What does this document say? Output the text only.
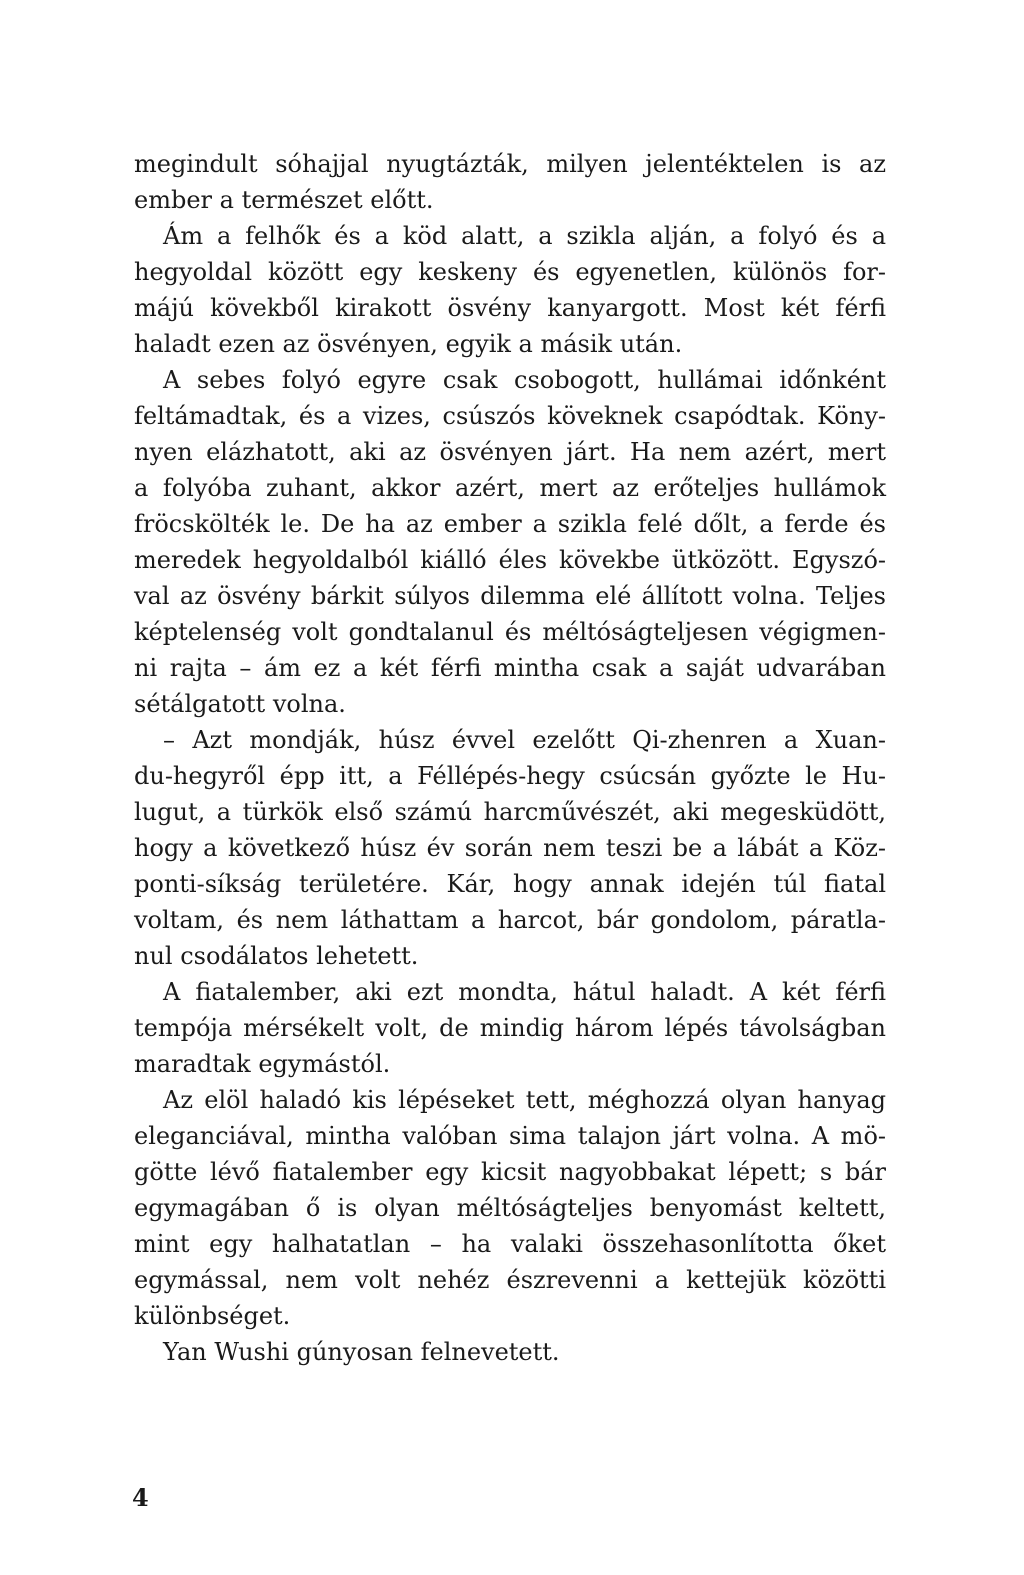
megindult sóhajjal nyugtázták, milyen jelentéktelen is az
ember a természet előtt.
Ám a felhők és a köd alatt, a szikla alján, a folyó és a
hegyoldal között egy keskeny és egyenetlen, különös for-
májú kövekből kirakott ösvény kanyargott. Most két férfi
haladt ezen az ösvényen, egyik a másik után.
A sebes folyó egyre csak csobogott, hullámai időnként
feltámadtak, és a vizes, csúszós köveknek csapódtak. Köny-
nyen elázhatott, aki az ösvényen járt. Ha nem azért, mert
a folyóba zuhant, akkor azért, mert az erőteljes hullámok
fröcskölték le. De ha az ember a szikla felé dőlt, a ferde és
meredek hegyoldalból kiálló éles kövekbe ütközött. Egyszó-
val az ösvény bárkit súlyos dilemma elé állított volna. Teljes
képtelenség volt gondtalanul és méltóságteljesen végigmen-
ni rajta – ám ez a két férfi mintha csak a saját udvarában
sétálgatott volna.
– Azt mondják, húsz évvel ezelőtt Qi-zhenren a Xuan-
du-hegyről épp itt, a Féllépés-hegy csúcsán győzte le Hu-
lugut, a türkök első számú harcművészét, aki megesküdött,
hogy a következő húsz év során nem teszi be a lábát a Köz-
ponti-síkság területére. Kár, hogy annak idején túl fiatal
voltam, és nem láthattam a harcot, bár gondolom, páratla-
nul csodálatos lehetett.
A fiatalember, aki ezt mondta, hátul haladt. A két férfi
tempója mérsékelt volt, de mindig három lépés távolságban
maradtak egymástól.
Az elöl haladó kis lépéseket tett, méghozzá olyan hanyag
eleganciával, mintha valóban sima talajon járt volna. A mö-
götte lévő fiatalember egy kicsit nagyobbakat lépett; s bár
egymagában ő is olyan méltóságteljes benyomást keltett,
mint egy halhatatlan – ha valaki összehasonlította őket
egymással, nem volt nehéz észrevenni a kettejük közötti
különbséget.
Yan Wushi gúnyosan felnevetett.
4
